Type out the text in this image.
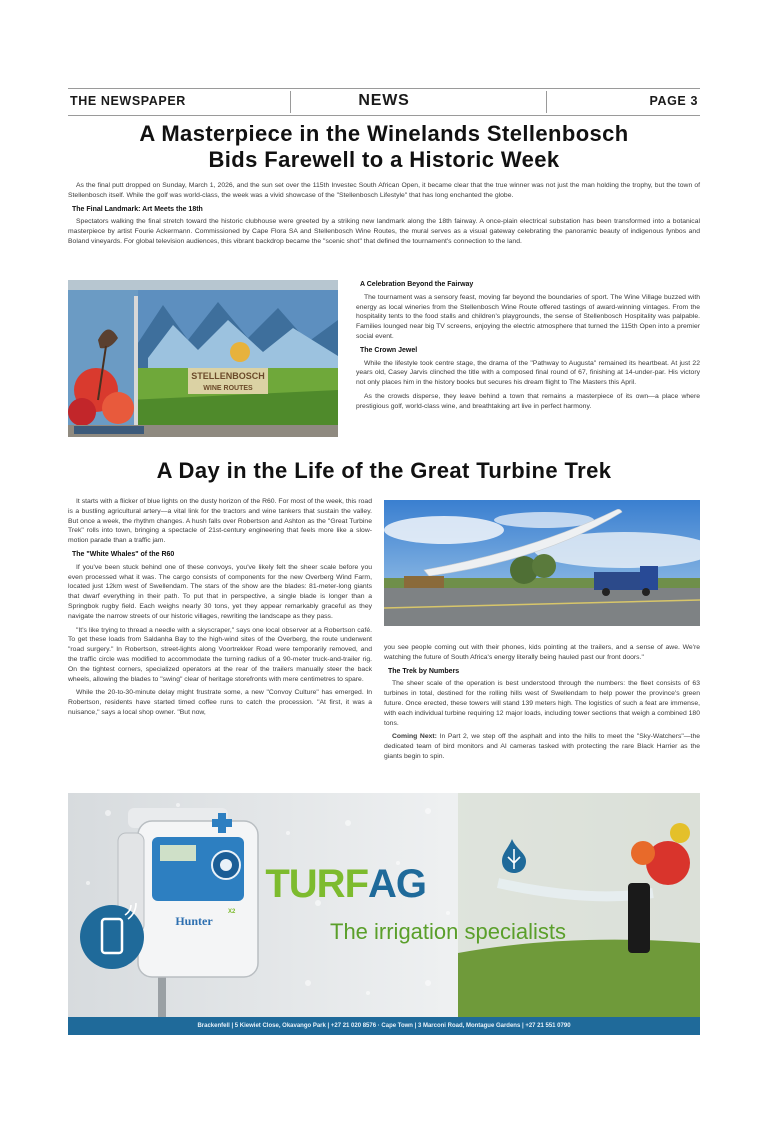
THE NEWSPAPER	NEWS	PAGE 3
A Masterpiece in the Winelands Stellenbosch
Bids Farewell to a Historic Week

As the final putt dropped on Sunday, March 1, 2026, and the sun set over the 115th Investec South African Open, it became clear that the true winner was not just the man holding the trophy, but the town of Stellenbosch itself. While the golf was world-class, the week was a vivid showcase of the "Stellenbosch Lifestyle" that has long enchanted the globe.

The Final Landmark: Art Meets the 18th

Spectators walking the final stretch toward the historic clubhouse were greeted by a striking new landmark along the 18th fairway. A once-plain electrical substation has been transformed into a botanical masterpiece by artist Fourie Ackermann. Commissioned by Cape Flora SA and Stellenbosch Wine Routes, the mural serves as a visual gateway celebrating the panoramic beauty of indigenous fynbos and Boland vineyards. For global television audiences, this vibrant backdrop became the "scenic shot" that defined the tournament's connection to the land.

STELLENBOSCH
WINE ROUTES
A Celebration Beyond the Fairway

The tournament was a sensory feast, moving far beyond the boundaries of sport. The Wine Village buzzed with energy as local wineries from the Stellenbosch Wine Route offered tastings of award-winning vintages. From the hospitality tents to the food stalls and children's playgrounds, the sense of Stellenbosch Hospitality was palpable. Families lounged near big TV screens, enjoying the electric atmosphere that turned the 115th Open into a premier social event.

The Crown Jewel

While the lifestyle took centre stage, the drama of the "Pathway to Augusta" remained its heartbeat. At just 22 years old, Casey Jarvis clinched the title with a composed final round of 67, finishing at 14-under-par. His victory not only places him in the history books but secures his dream flight to The Masters this April.

As the crowds disperse, they leave behind a town that remains a masterpiece of its own—a place where prestigious golf, world-class wine, and breathtaking art live in perfect harmony.

A Day in the Life of the Great Turbine Trek

It starts with a flicker of blue lights on the dusty horizon of the R60. For most of the week, this road is a bustling agricultural artery—a vital link for the tractors and wine tankers that sustain the valley. But once a week, the rhythm changes. A hush falls over Robertson and Ashton as the "Great Turbine Trek" rolls into town, bringing a spectacle of 21st-century engineering that feels more like a slow-motion parade than a traffic jam.

The "White Whales" of the R60

If you've been stuck behind one of these convoys, you've likely felt the sheer scale before you even processed what it was. The cargo consists of components for the new Overberg Wind Farm, located just 12km west of Swellendam. The stars of the show are the blades: 81-meter-long giants that dwarf everything in their path. To put that in perspective, a single blade is longer than a Springbok rugby field. Each weighs nearly 30 tons, yet they appear remarkably graceful as they navigate the narrow streets of our historic villages, rewriting the landscape as they pass.

"It's like trying to thread a needle with a skyscraper," says one local observer at a Robertson café. To get these loads from Saldanha Bay to the high-wind sites of the Overberg, the route underwent "road surgery." In Robertson, street-lights along Voortrekker Road were temporarily removed, and the traffic circle was modified to accommodate the turning radius of a 90-meter truck-and-trailer rig. On the tightest corners, specialized operators at the rear of the trailers manually steer the back wheels, allowing the blades to "swing" clear of heritage storefronts with mere centimetres to spare.

While the 20-to-30-minute delay might frustrate some, a new "Convoy Culture" has emerged. In Robertson, residents have started timed coffee runs to catch the procession. "At first, it was a nuisance," says a local shop owner. "But now,

you see people coming out with their phones, kids pointing at the trailers, and a sense of awe. We're watching the future of South Africa's energy literally being hauled past our front doors."

The Trek by Numbers

The sheer scale of the operation is best understood through the numbers: the fleet consists of 63 turbines in total, destined for the rolling hills west of Swellendam to help power the province's green future. Once erected, these towers will stand 139 meters high. The logistics of such a feat are immense, with each individual turbine requiring 12 major loads, including tower sections that weigh a combined 180 tons.

Coming Next: In Part 2, we step off the asphalt and into the hills to meet the "Sky-Watchers"—the dedicated team of bird monitors and AI cameras tasked with protecting the rare Black Harrier as the giants begin to spin.

Hunter
X2
TURF AG
The irrigation specialists
Brackenfell | 5 Kiewiet Close, Okavango Park | +27 21 020 8576 · Cape Town | 3 Marconi Road, Montague Gardens | +27 21 551 0790
